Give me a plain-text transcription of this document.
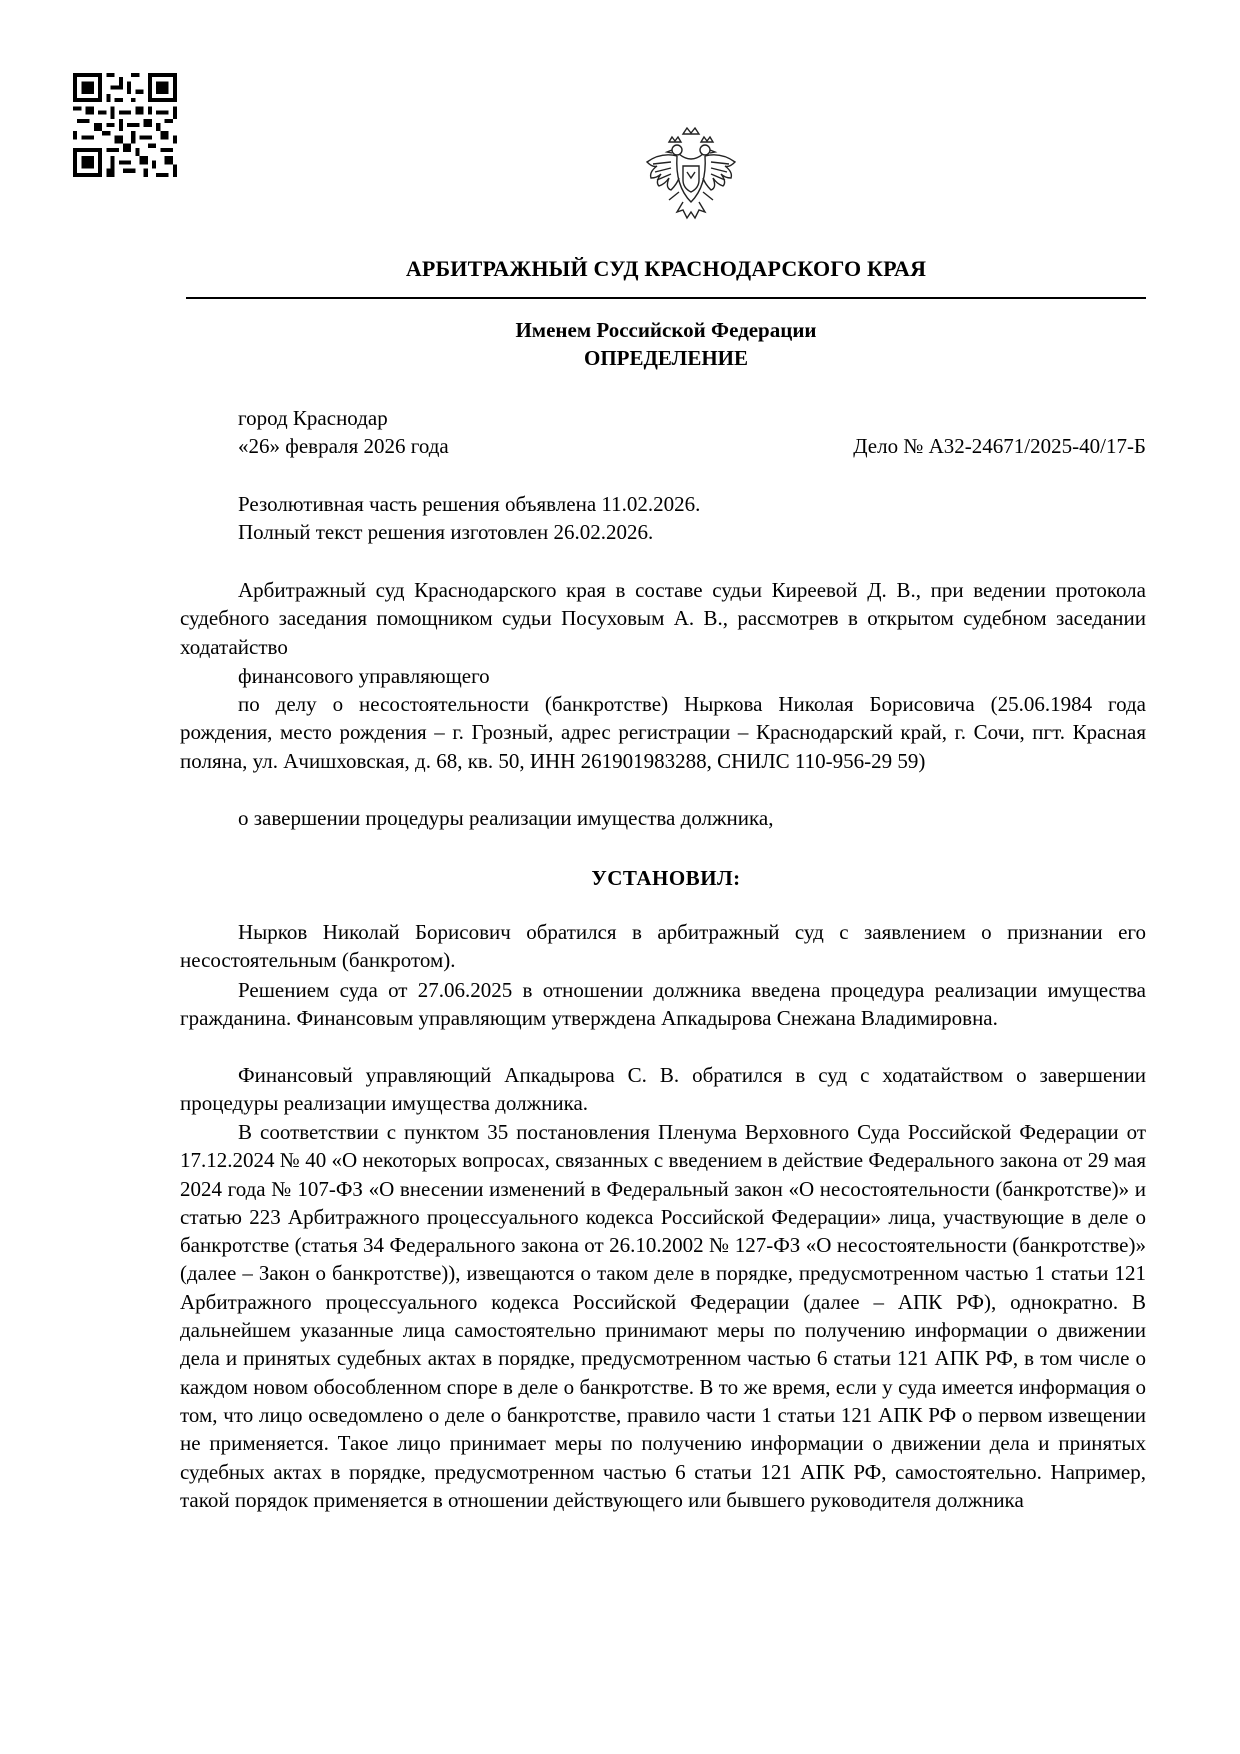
АРБИТРАЖНЫЙ СУД КРАСНОДАРСКОГО КРАЯ
Именем Российской Федерации
ОПРЕДЕЛЕНИЕ
город Краснодар
«26» февраля 2026 года	Дело № А32-24671/2025-40/17-Б
Резолютивная часть решения объявлена 11.02.2026.
Полный текст решения изготовлен 26.02.2026.

Арбитражный суд Краснодарского края в составе судьи Киреевой Д. В., при ведении протокола судебного заседания помощником судьи Посуховым А. В., рассмотрев в открытом судебном заседании ходатайство

финансового управляющего

по делу о несостоятельности (банкротстве) Ныркова Николая Борисовича (25.06.1984 года рождения, место рождения – г. Грозный, адрес регистрации – Краснодарский край, г. Сочи, пгт. Красная поляна, ул. Ачишховская, д. 68, кв. 50, ИНН 261901983288, СНИЛС 110-956-29 59)

о завершении процедуры реализации имущества должника,

УСТАНОВИЛ:

Нырков Николай Борисович обратился в арбитражный суд с заявлением о признании его несостоятельным (банкротом).

Решением суда от 27.06.2025 в отношении должника введена процедура реализации имущества гражданина. Финансовым управляющим утверждена Апкадырова Снежана Владимировна.

Финансовый управляющий Апкадырова С. В. обратился в суд с ходатайством о завершении процедуры реализации имущества должника.

В соответствии с пунктом 35 постановления Пленума Верховного Суда Российской Федерации от 17.12.2024 № 40 «О некоторых вопросах, связанных с введением в действие Федерального закона от 29 мая 2024 года № 107-ФЗ «О внесении изменений в Федеральный закон «О несостоятельности (банкротстве)» и статью 223 Арбитражного процессуального кодекса Российской Федерации» лица, участвующие в деле о банкротстве (статья 34 Федерального закона от 26.10.2002 № 127-ФЗ «О несостоятельности (банкротстве)» (далее – Закон о банкротстве)), извещаются о таком деле в порядке, предусмотренном частью 1 статьи 121 Арбитражного процессуального кодекса Российской Федерации (далее – АПК РФ), однократно. В дальнейшем указанные лица самостоятельно принимают меры по получению информации о движении дела и принятых судебных актах в порядке, предусмотренном частью 6 статьи 121 АПК РФ, в том числе о каждом новом обособленном споре в деле о банкротстве. В то же время, если у суда имеется информация о том, что лицо осведомлено о деле о банкротстве, правило части 1 статьи 121 АПК РФ о первом извещении не применяется. Такое лицо принимает меры по получению информации о движении дела и принятых судебных актах в порядке, предусмотренном частью 6 статьи 121 АПК РФ, самостоятельно. Например, такой порядок применяется в отношении действующего или бывшего руководителя должника
